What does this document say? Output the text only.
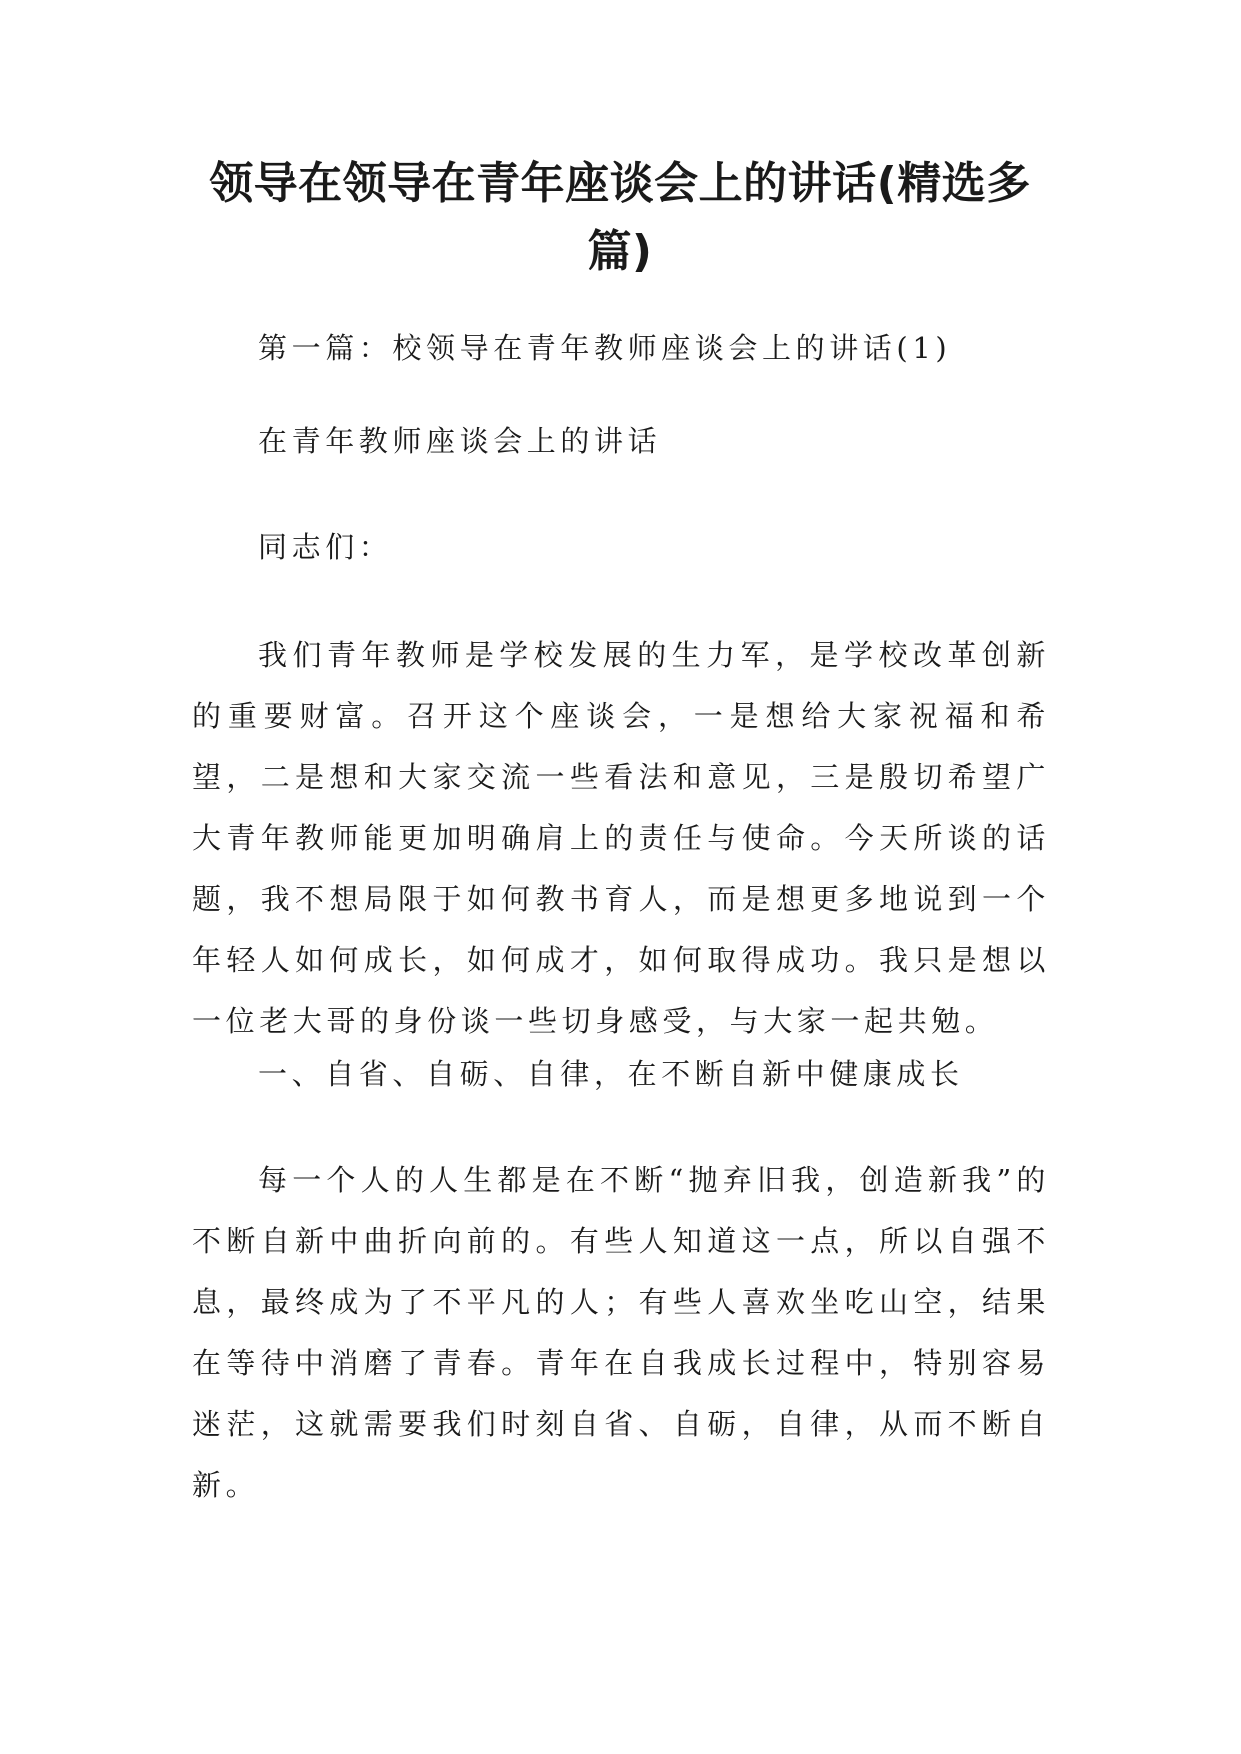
领导在领导在青年座谈会上的讲话(精选多篇)

第一篇：校领导在青年教师座谈会上的讲话(1)

在青年教师座谈会上的讲话

同志们：

我们青年教师是学校发展的生力军，是学校改革创新的重要财富。召开这个座谈会，一是想给大家祝福和希望，二是想和大家交流一些看法和意见，三是殷切希望广大青年教师能更加明确肩上的责任与使命。今天所谈的话题，我不想局限于如何教书育人，而是想更多地说到一个年轻人如何成长，如何成才，如何取得成功。我只是想以一位老大哥的身份谈一些切身感受，与大家一起共勉。

一、自省、自砺、自律，在不断自新中健康成长

每一个人的人生都是在不断“抛弃旧我，创造新我”的不断自新中曲折向前的。有些人知道这一点，所以自强不息，最终成为了不平凡的人；有些人喜欢坐吃山空，结果在等待中消磨了青春。青年在自我成长过程中，特别容易迷茫，这就需要我们时刻自省、自砺，自律，从而不断自新。
